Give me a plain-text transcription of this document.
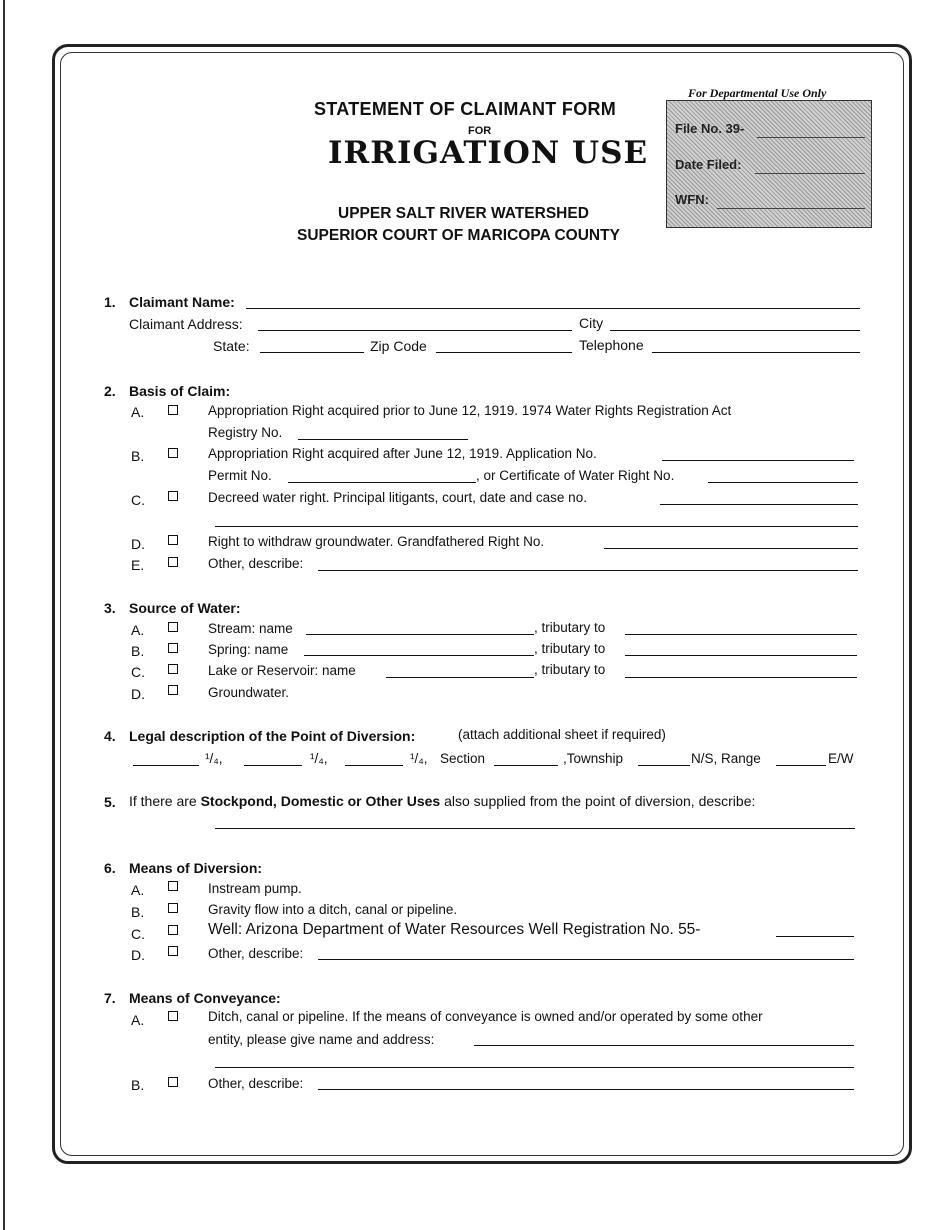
STATEMENT OF CLAIMANT FORM
FOR
IRRIGATION USE
UPPER SALT RIVER WATERSHED
SUPERIOR COURT OF MARICOPA COUNTY
For Departmental Use Only
File No. 39-
Date Filed:
WFN:
1. Claimant Name:
Claimant Address:	City
State:	Zip Code	Telephone
2. Basis of Claim:
A.	Appropriation Right acquired prior to June 12, 1919. 1974 Water Rights Registration Act
Registry No.
B.	Appropriation Right acquired after June 12, 1919. Application No.
Permit No.	, or Certificate of Water Right No.
C.	Decreed water right. Principal litigants, court, date and case no.
D.	Right to withdraw groundwater. Grandfathered Right No.
E.	Other, describe:
3. Source of Water:
A.	Stream: name	, tributary to
B.	Spring: name	, tributary to
C.	Lake or Reservoir: name	, tributary to
D.	Groundwater.
4. Legal description of the Point of Diversion:	(attach additional sheet if required)
¹/₄,	¹/₄,	¹/₄, Section	,Township	N/S, Range	E/W
5. If there are Stockpond, Domestic or Other Uses also supplied from the point of diversion, describe:
6. Means of Diversion:
A.	Instream pump.
B.	Gravity flow into a ditch, canal or pipeline.
C.	Well: Arizona Department of Water Resources Well Registration No. 55-
D.	Other, describe:
7. Means of Conveyance:
A.	Ditch, canal or pipeline. If the means of conveyance is owned and/or operated by some other
entity, please give name and address:
B.	Other, describe:
